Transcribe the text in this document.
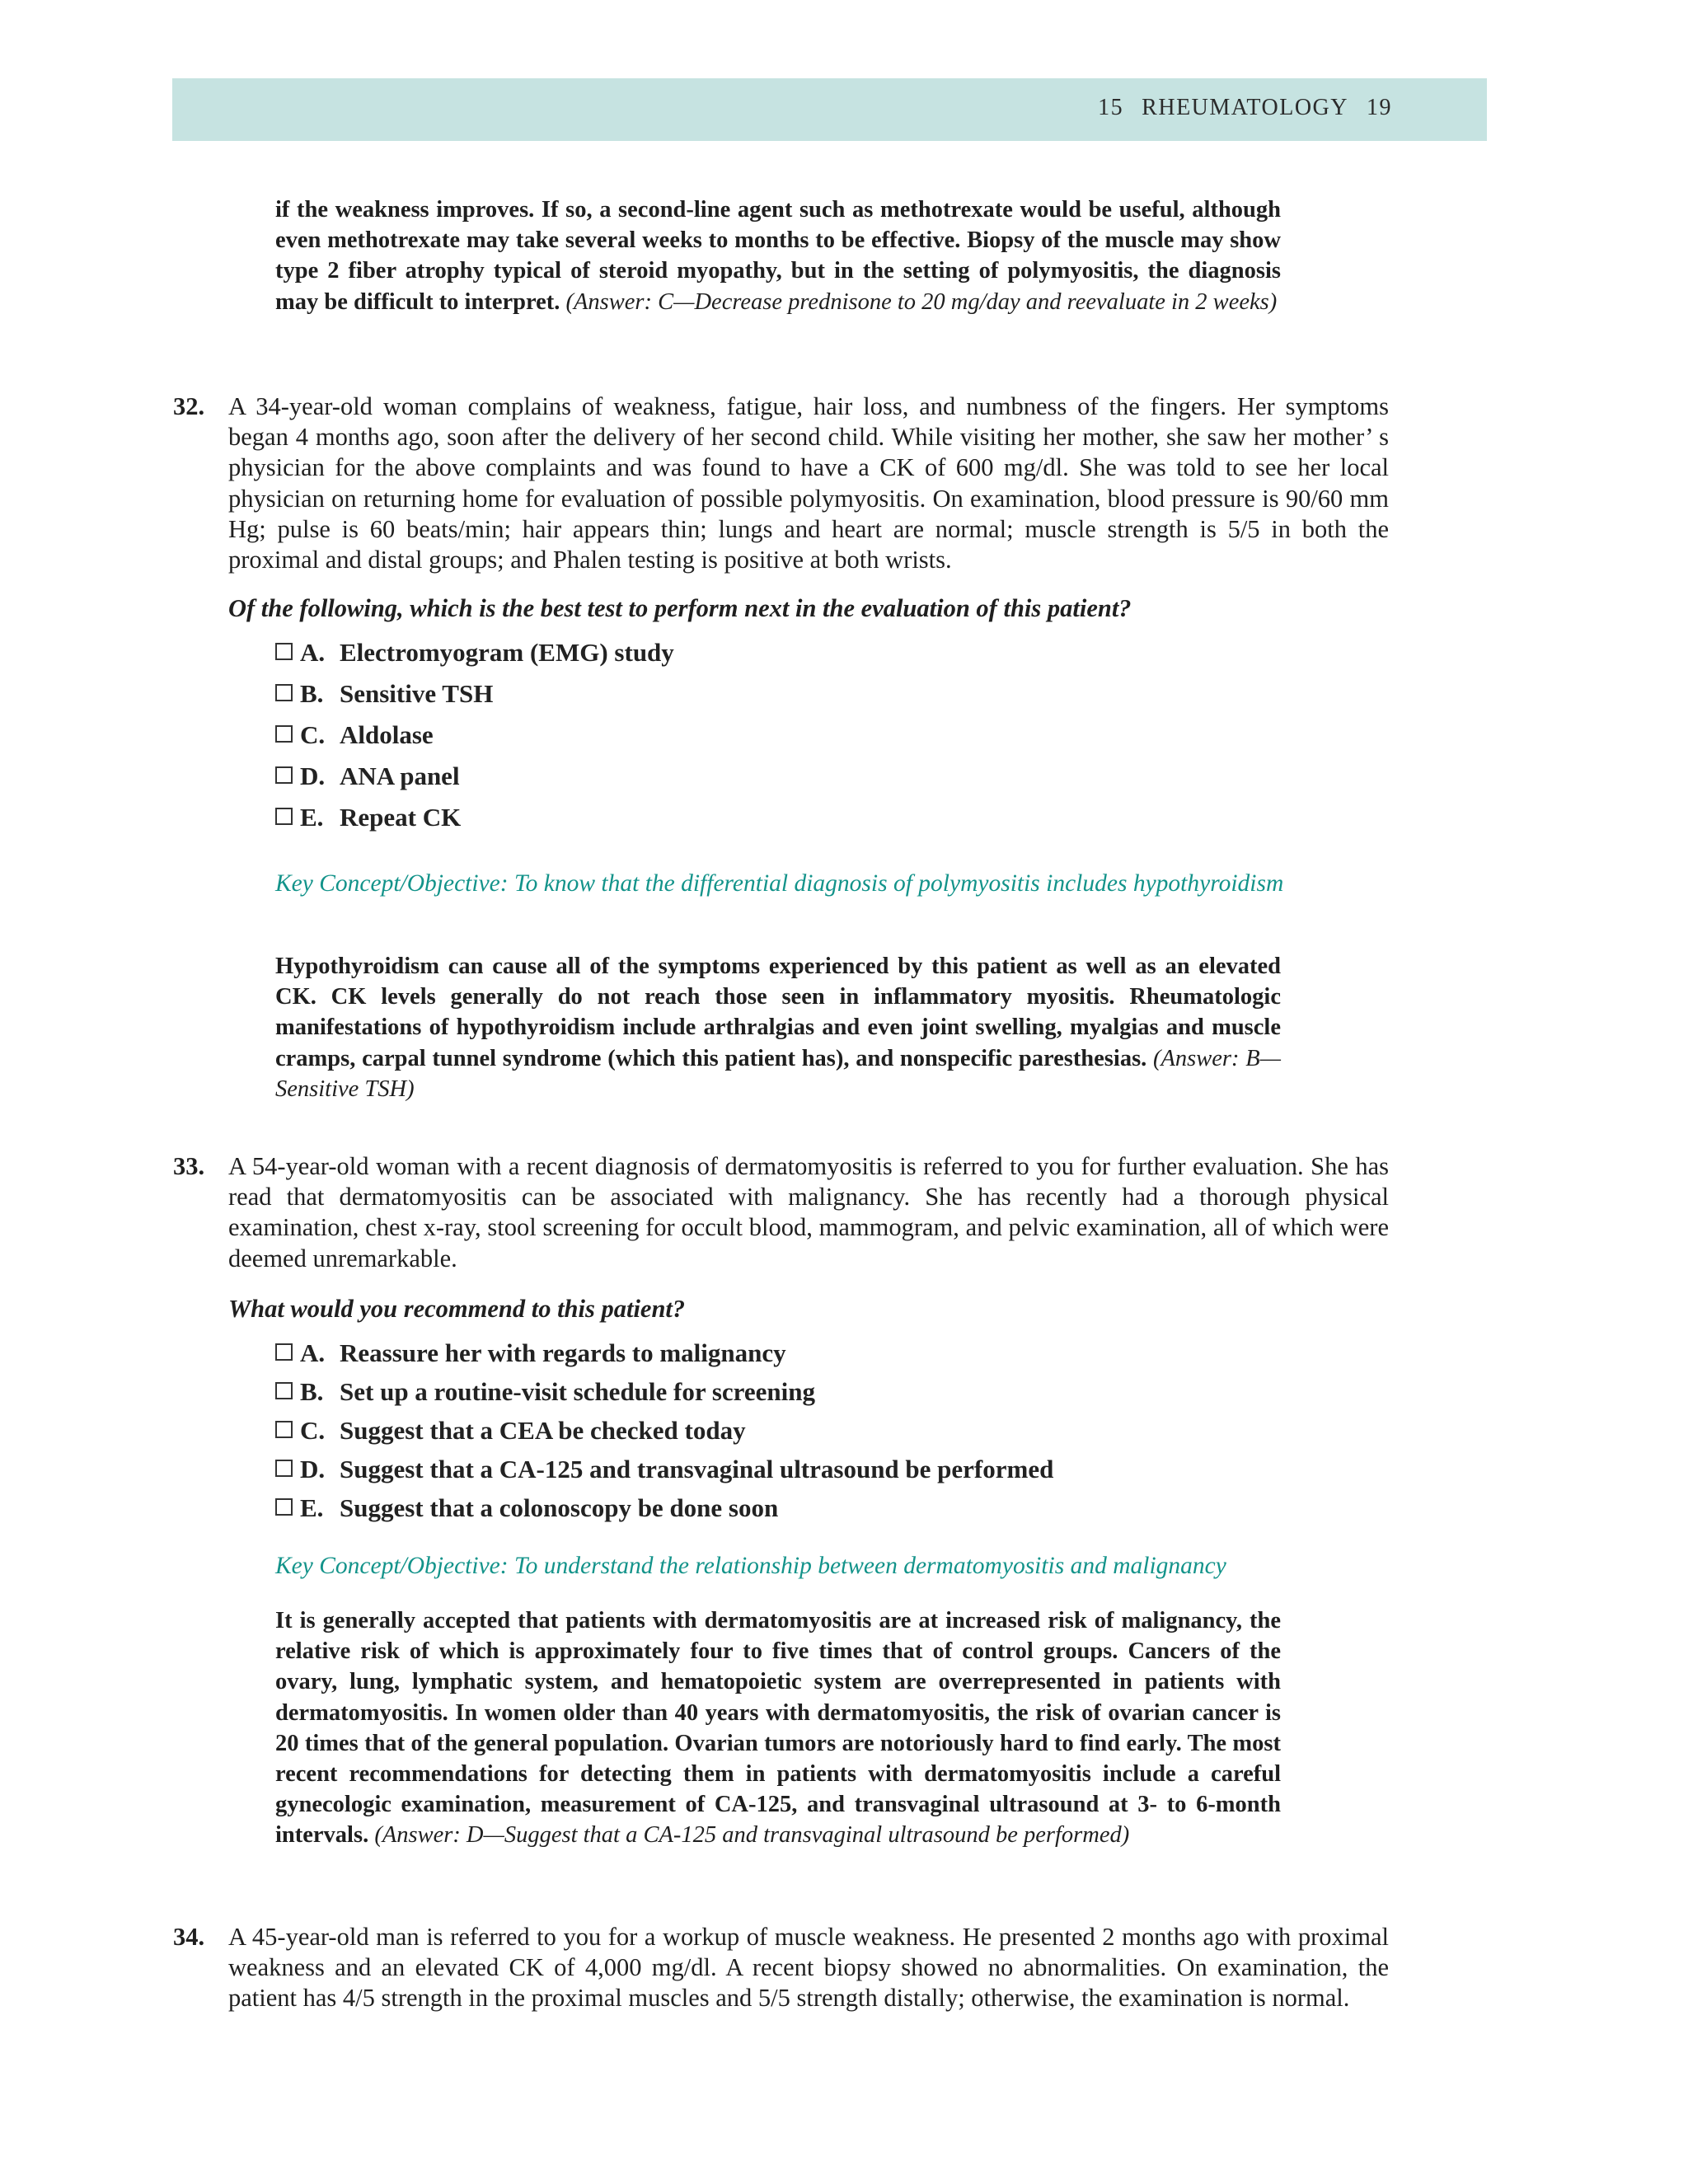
15 RHEUMATOLOGY 19
if the weakness improves. If so, a second-line agent such as methotrexate would be useful, although even methotrexate may take several weeks to months to be effective. Biopsy of the muscle may show type 2 fiber atrophy typical of steroid myopathy, but in the setting of polymyositis, the diagnosis may be difficult to interpret. (Answer: C—Decrease prednisone to 20 mg/day and reevaluate in 2 weeks)
32. A 34-year-old woman complains of weakness, fatigue, hair loss, and numbness of the fingers. Her symptoms began 4 months ago, soon after the delivery of her second child. While visiting her mother, she saw her mother’ s physician for the above complaints and was found to have a CK of 600 mg/dl. She was told to see her local physician on returning home for evaluation of possible polymyositis. On examination, blood pressure is 90/60 mm Hg; pulse is 60 beats/min; hair appears thin; lungs and heart are normal; muscle strength is 5/5 in both the proximal and distal groups; and Phalen testing is positive at both wrists.
Of the following, which is the best test to perform next in the evaluation of this patient?
A. Electromyogram (EMG) study
B. Sensitive TSH
C. Aldolase
D. ANA panel
E. Repeat CK
Key Concept/Objective: To know that the differential diagnosis of polymyositis includes hypothyroidism
Hypothyroidism can cause all of the symptoms experienced by this patient as well as an elevated CK. CK levels generally do not reach those seen in inflammatory myositis. Rheumatologic manifestations of hypothyroidism include arthralgias and even joint swelling, myalgias and muscle cramps, carpal tunnel syndrome (which this patient has), and nonspecific paresthesias. (Answer: B—Sensitive TSH)
33. A 54-year-old woman with a recent diagnosis of dermatomyositis is referred to you for further evaluation. She has read that dermatomyositis can be associated with malignancy. She has recently had a thorough physical examination, chest x-ray, stool screening for occult blood, mammogram, and pelvic examination, all of which were deemed unremarkable.
What would you recommend to this patient?
A. Reassure her with regards to malignancy
B. Set up a routine-visit schedule for screening
C. Suggest that a CEA be checked today
D. Suggest that a CA-125 and transvaginal ultrasound be performed
E. Suggest that a colonoscopy be done soon
Key Concept/Objective: To understand the relationship between dermatomyositis and malignancy
It is generally accepted that patients with dermatomyositis are at increased risk of malignancy, the relative risk of which is approximately four to five times that of control groups. Cancers of the ovary, lung, lymphatic system, and hematopoietic system are overrepresented in patients with dermatomyositis. In women older than 40 years with dermatomyositis, the risk of ovarian cancer is 20 times that of the general population. Ovarian tumors are notoriously hard to find early. The most recent recommendations for detecting them in patients with dermatomyositis include a careful gynecologic examination, measurement of CA-125, and transvaginal ultrasound at 3- to 6-month intervals. (Answer: D—Suggest that a CA-125 and transvaginal ultrasound be performed)
34. A 45-year-old man is referred to you for a workup of muscle weakness. He presented 2 months ago with proximal weakness and an elevated CK of 4,000 mg/dl. A recent biopsy showed no abnormalities. On examination, the patient has 4/5 strength in the proximal muscles and 5/5 strength distally; otherwise, the examination is normal.
